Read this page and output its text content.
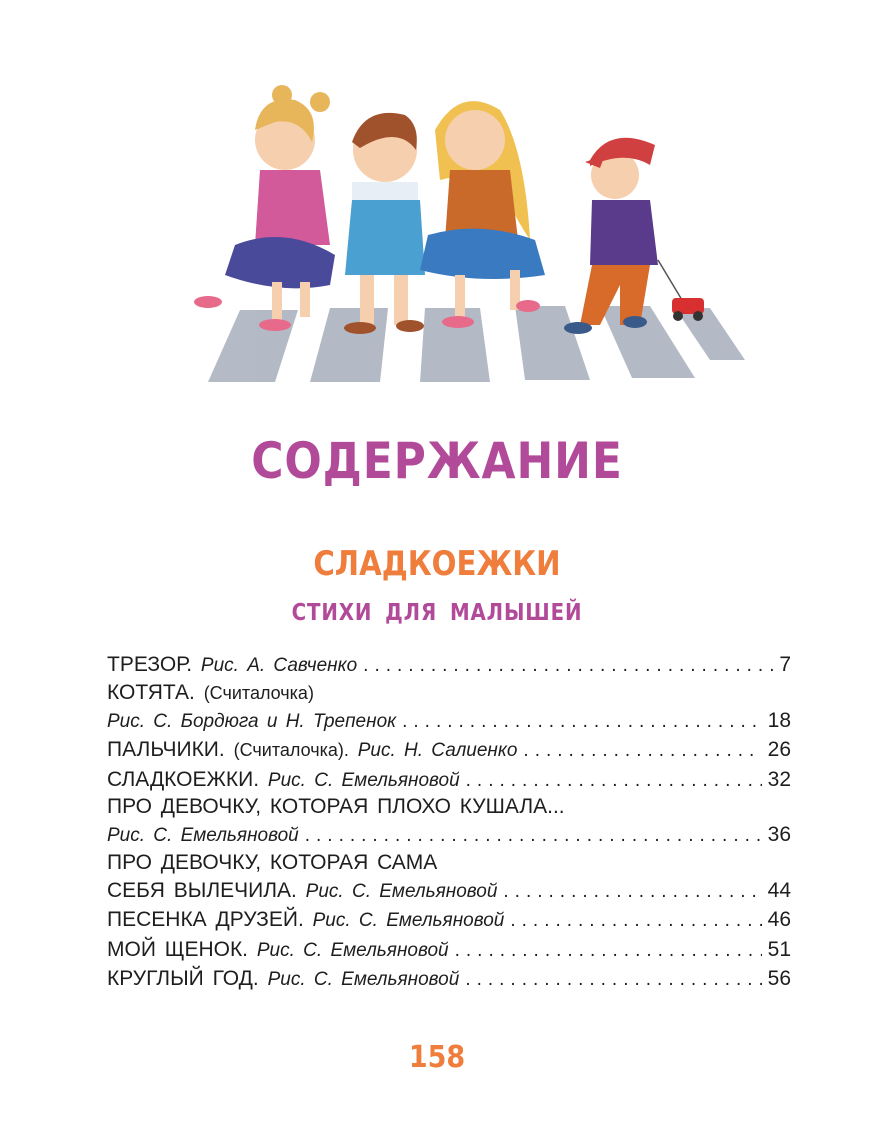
СОДЕРЖАНИЕ
СЛАДКОЕЖКИ
СТИХИ ДЛЯ МАЛЫШЕЙ
ТРЕЗОР. Рис. А. Савченко .....	7
КОТЯТА. (Считалочка)
Рис. С. Бордюга и Н. Трепенок .....	18
ПАЛЬЧИКИ. (Считалочка). Рис. Н. Салиенко .....	26
СЛАДКОЕЖКИ. Рис. С. Емельяновой .....	32
ПРО ДЕВОЧКУ, КОТОРАЯ ПЛОХО КУШАЛА...
Рис. С. Емельяновой .....	36
ПРО ДЕВОЧКУ, КОТОРАЯ САМА
СЕБЯ ВЫЛЕЧИЛА. Рис. С. Емельяновой .....	44
ПЕСЕНКА ДРУЗЕЙ. Рис. С. Емельяновой .....	46
МОЙ ЩЕНОК. Рис. С. Емельяновой .....	51
КРУГЛЫЙ ГОД. Рис. С. Емельяновой .....	56
158
